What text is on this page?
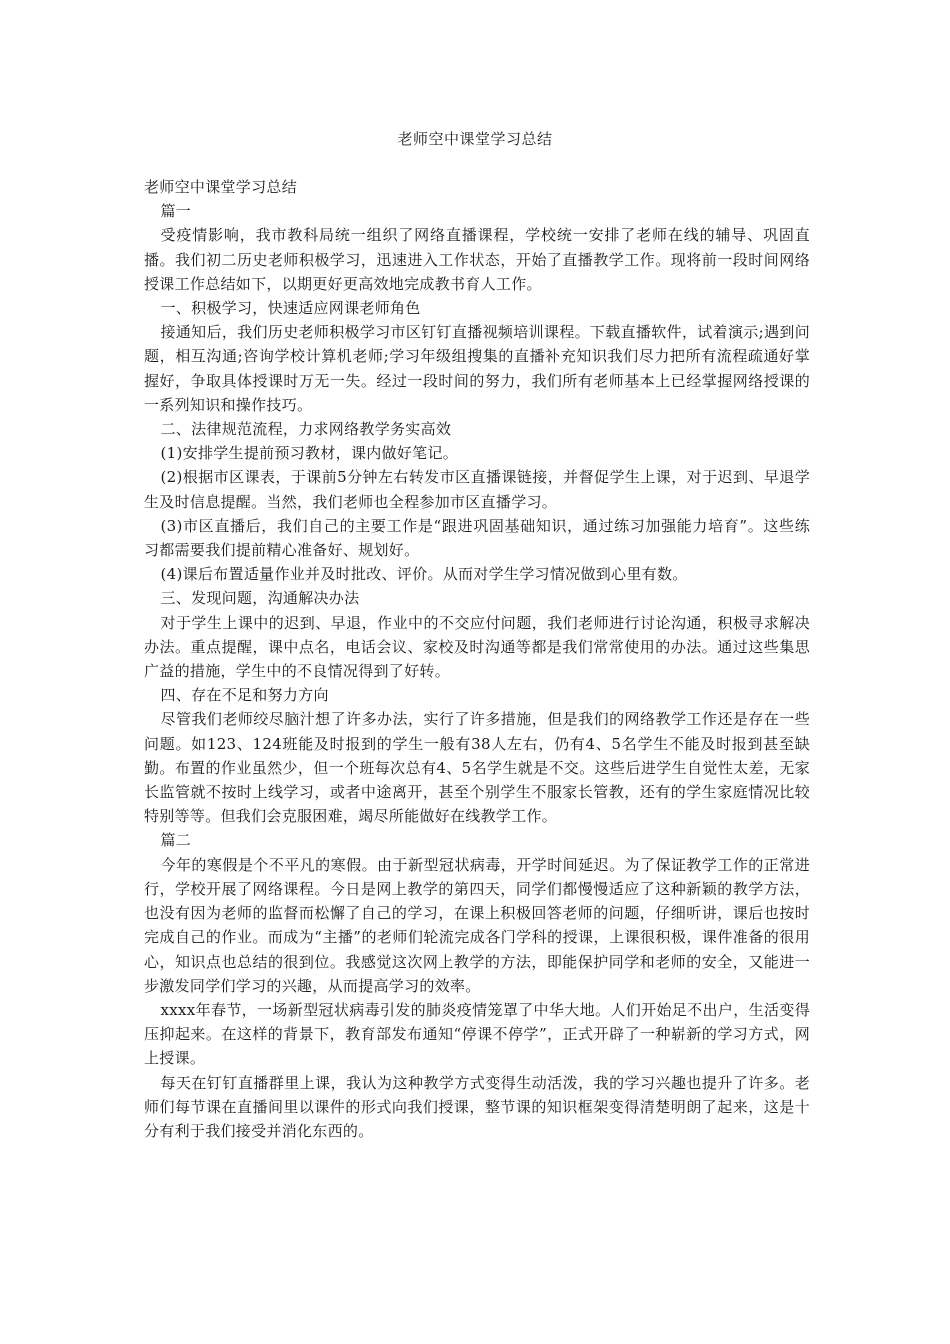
老师空中课堂学习总结

老师空中课堂学习总结

篇一

受疫情影响，我市教科局统一组织了网络直播课程，学校统一安排了老师在线的辅导、巩固直播。我们初二历史老师积极学习，迅速进入工作状态，开始了直播教学工作。现将前一段时间网络授课工作总结如下，以期更好更高效地完成教书育人工作。

一、积极学习，快速适应网课老师角色

接通知后，我们历史老师积极学习市区钉钉直播视频培训课程。下载直播软件，试着演示;遇到问题，相互沟通;咨询学校计算机老师;学习年级组搜集的直播补充知识我们尽力把所有流程疏通好掌握好，争取具体授课时万无一失。经过一段时间的努力，我们所有老师基本上已经掌握网络授课的一系列知识和操作技巧。

二、法律规范流程，力求网络教学务实高效

(1)安排学生提前预习教材，课内做好笔记。

(2)根据市区课表，于课前5分钟左右转发市区直播课链接，并督促学生上课，对于迟到、早退学生及时信息提醒。当然，我们老师也全程参加市区直播学习。

(3)市区直播后，我们自己的主要工作是“跟进巩固基础知识，通过练习加强能力培育”。这些练习都需要我们提前精心准备好、规划好。

(4)课后布置适量作业并及时批改、评价。从而对学生学习情况做到心里有数。

三、发现问题，沟通解决办法

对于学生上课中的迟到、早退，作业中的不交应付问题，我们老师进行讨论沟通，积极寻求解决办法。重点提醒，课中点名，电话会议、家校及时沟通等都是我们常常使用的办法。通过这些集思广益的措施，学生中的不良情况得到了好转。

四、存在不足和努力方向

尽管我们老师绞尽脑汁想了许多办法，实行了许多措施，但是我们的网络教学工作还是存在一些问题。如123、124班能及时报到的学生一般有38人左右，仍有4、5名学生不能及时报到甚至缺勤。布置的作业虽然少，但一个班每次总有4、5名学生就是不交。这些后进学生自觉性太差，无家长监管就不按时上线学习，或者中途离开，甚至个别学生不服家长管教，还有的学生家庭情况比较特别等等。但我们会克服困难，竭尽所能做好在线教学工作。

篇二

今年的寒假是个不平凡的寒假。由于新型冠状病毒，开学时间延迟。为了保证教学工作的正常进行，学校开展了网络课程。今日是网上教学的第四天，同学们都慢慢适应了这种新颖的教学方法，也没有因为老师的监督而松懈了自己的学习，在课上积极回答老师的问题，仔细听讲，课后也按时完成自己的作业。而成为“主播”的老师们轮流完成各门学科的授课，上课很积极，课件准备的很用心，知识点也总结的很到位。我感觉这次网上教学的方法，即能保护同学和老师的安全，又能进一步激发同学们学习的兴趣，从而提高学习的效率。

xxxx年春节，一场新型冠状病毒引发的肺炎疫情笼罩了中华大地。人们开始足不出户，生活变得压抑起来。在这样的背景下，教育部发布通知“停课不停学”，正式开辟了一种崭新的学习方式，网上授课。

每天在钉钉直播群里上课，我认为这种教学方式变得生动活泼，我的学习兴趣也提升了许多。老师们每节课在直播间里以课件的形式向我们授课，整节课的知识框架变得清楚明朗了起来，这是十分有利于我们接受并消化东西的。
